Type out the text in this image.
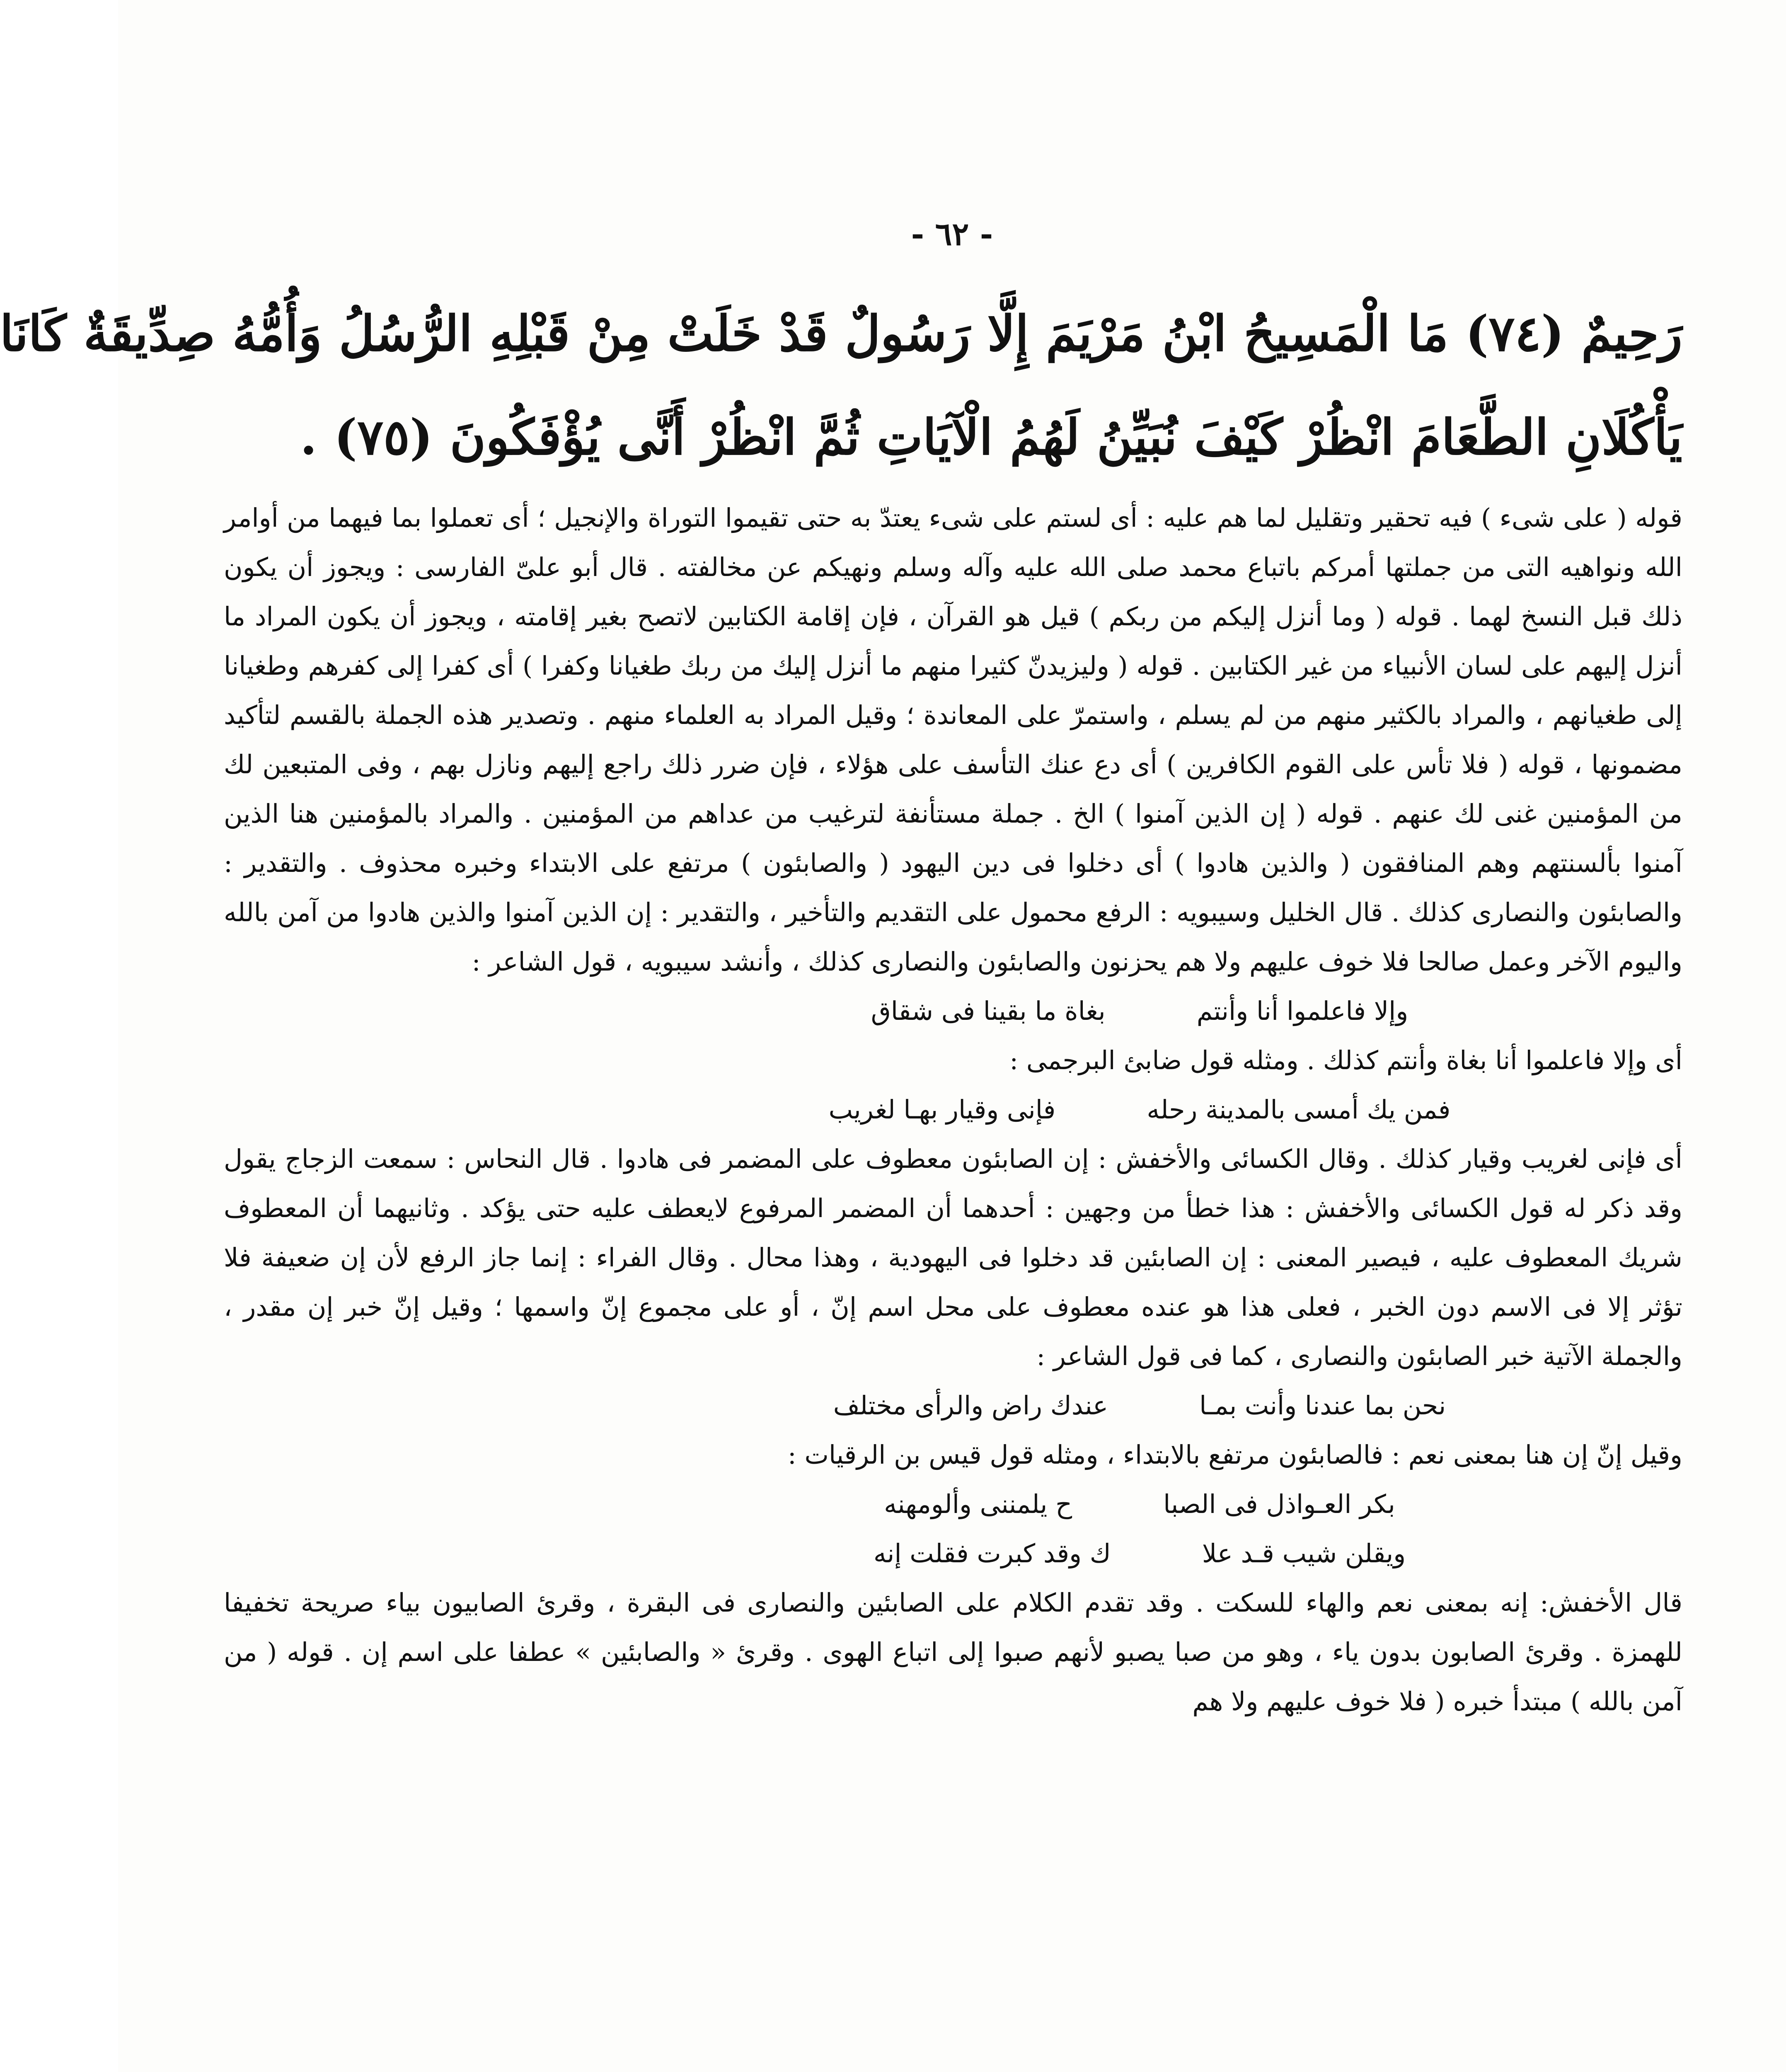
- ٦٢ -
رَحِيمٌ (٧٤) مَا الْمَسِيحُ ابْنُ مَرْيَمَ إِلَّا رَسُولٌ قَدْ خَلَتْ مِنْ قَبْلِهِ الرُّسُلُ وَأُمُّهُ صِدِّيقَةٌ كَانَا
يَأْكُلَانِ الطَّعَامَ انْظُرْ كَيْفَ نُبَيِّنُ لَهُمُ الْآيَاتِ ثُمَّ انْظُرْ أَنَّى يُؤْفَكُونَ (٧٥) .

قوله ( على شىء ) فيه تحقير وتقليل لما هم عليه : أى لستم على شىء يعتدّ به حتى تقيموا التوراة والإنجيل ؛ أى تعملوا بما فيهما من أوامر الله ونواهيه التى من جملتها أمركم باتباع محمد صلى الله عليه وآله وسلم ونهيكم عن مخالفته . قال أبو علىّ الفارسى : ويجوز أن يكون ذلك قبل النسخ لهما . قوله ( وما أنزل إليكم من ربكم ) قيل هو القرآن ، فإن إقامة الكتابين لاتصح بغير إقامته ، ويجوز أن يكون المراد ما أنزل إليهم على لسان الأنبياء من غير الكتابين . قوله ( وليزيدنّ كثيرا منهم ما أنزل إليك من ربك طغيانا وكفرا ) أى كفرا إلى كفرهم وطغيانا إلى طغيانهم ، والمراد بالكثير منهم من لم يسلم ، واستمرّ على المعاندة ؛ وقيل المراد به العلماء منهم . وتصدير هذه الجملة بالقسم لتأكيد مضمونها ، قوله ( فلا تأس على القوم الكافرين ) أى دع عنك التأسف على هؤلاء ، فإن ضرر ذلك راجع إليهم ونازل بهم ، وفى المتبعين لك من المؤمنين غنى لك عنهم . قوله ( إن الذين آمنوا ) الخ . جملة مستأنفة لترغيب من عداهم من المؤمنين . والمراد بالمؤمنين هنا الذين آمنوا بألسنتهم وهم المنافقون ( والذين هادوا ) أى دخلوا فى دين اليهود ( والصابئون ) مرتفع على الابتداء وخبره محذوف . والتقدير : والصابئون والنصارى كذلك . قال الخليل وسيبويه : الرفع محمول على التقديم والتأخير ، والتقدير : إن الذين آمنوا والذين هادوا من آمن بالله واليوم الآخر وعمل صالحا فلا خوف عليهم ولا هم يحزنون والصابئون والنصارى كذلك ، وأنشد سيبويه ، قول الشاعر :

وإلا فاعلموا أنا وأنتم
بغاة ما بقينا فى شقاق

أى وإلا فاعلموا أنا بغاة وأنتم كذلك . ومثله قول ضابئ البرجمى :

فمن يك أمسى بالمدينة رحله
فإنى وقيار بهـا لغريب

أى فإنى لغريب وقيار كذلك . وقال الكسائى والأخفش : إن الصابئون معطوف على المضمر فى هادوا . قال النحاس : سمعت الزجاج يقول وقد ذكر له قول الكسائى والأخفش : هذا خطأ من وجهين : أحدهما أن المضمر المرفوع لايعطف عليه حتى يؤكد . وثانيهما أن المعطوف شريك المعطوف عليه ، فيصير المعنى : إن الصابئين قد دخلوا فى اليهودية ، وهذا محال . وقال الفراء : إنما جاز الرفع لأن إن ضعيفة فلا تؤثر إلا فى الاسم دون الخبر ، فعلى هذا هو عنده معطوف على محل اسم إنّ ، أو على مجموع إنّ واسمها ؛ وقيل إنّ خبر إن مقدر ، والجملة الآتية خبر الصابئون والنصارى ، كما فى قول الشاعر :

نحن بما عندنا وأنت بمـا
عندك راض والرأى مختلف

وقيل إنّ إن هنا بمعنى نعم : فالصابئون مرتفع بالابتداء ، ومثله قول قيس بن الرقيات :

بكر العـواذل فى الصبا
ح يلمننى وألومهنه
ويقلن شيب قـد علا
ك وقد كبرت فقلت إنه

قال الأخفش: إنه بمعنى نعم والهاء للسكت . وقد تقدم الكلام على الصابئين والنصارى فى البقرة ، وقرئ الصابيون بياء صريحة تخفيفا للهمزة . وقرئ الصابون بدون ياء ، وهو من صبا يصبو لأنهم صبوا إلى اتباع الهوى . وقرئ « والصابئين » عطفا على اسم إن . قوله ( من آمن بالله ) مبتدأ خبره ( فلا خوف عليهم ولا هم
